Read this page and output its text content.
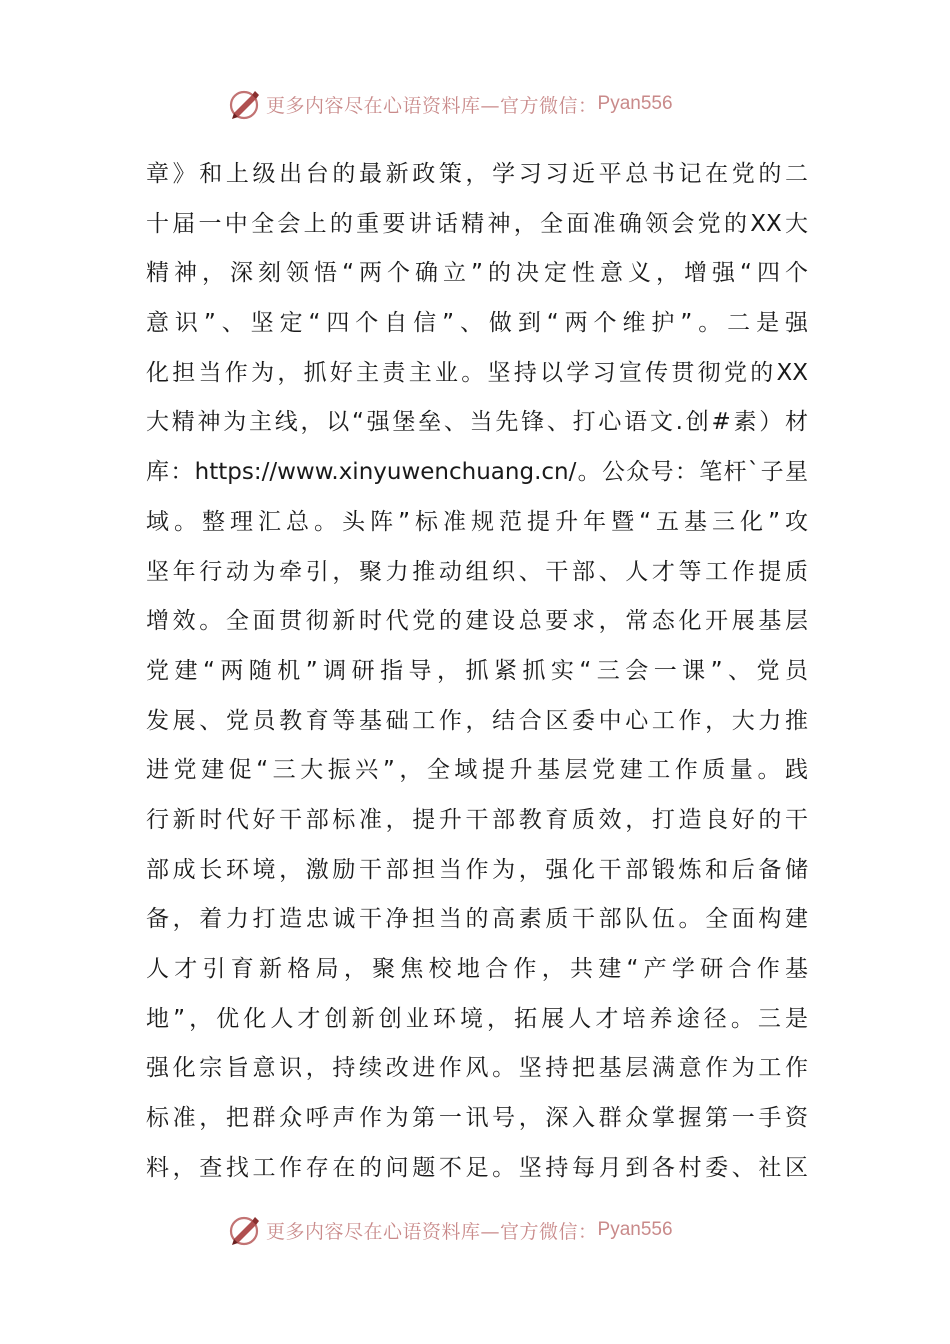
更多内容尽在心语资料库—官方微信： Pyan556
章》和上级出台的最新政策，学习习近平总书记在党的二
十届一中全会上的重要讲话精神，全面准确领会党的XX大
精神，深刻领悟“两个确立”的决定性意义，增强“四个
意识”、坚定“四个自信”、做到“两个维护”。二是强
化担当作为，抓好主责主业。坚持以学习宣传贯彻党的XX
大精神为主线，以“强堡垒、当先锋、打心语文.创#素）材
库：https://www.xinyuwenchuang.cn/。公众号：笔杆`子星
域。整理汇总。头阵”标准规范提升年暨“五基三化”攻
坚年行动为牵引，聚力推动组织、干部、人才等工作提质
增效。全面贯彻新时代党的建设总要求，常态化开展基层
党建“两随机”调研指导，抓紧抓实“三会一课”、党员
发展、党员教育等基础工作，结合区委中心工作，大力推
进党建促“三大振兴”，全域提升基层党建工作质量。践
行新时代好干部标准，提升干部教育质效，打造良好的干
部成长环境，激励干部担当作为，强化干部锻炼和后备储
备，着力打造忠诚干净担当的高素质干部队伍。全面构建
人才引育新格局，聚焦校地合作，共建“产学研合作基
地”，优化人才创新创业环境，拓展人才培养途径。三是
强化宗旨意识，持续改进作风。坚持把基层满意作为工作
标准，把群众呼声作为第一讯号，深入群众掌握第一手资
料，查找工作存在的问题不足。坚持每月到各村委、社区
更多内容尽在心语资料库—官方微信： Pyan556
